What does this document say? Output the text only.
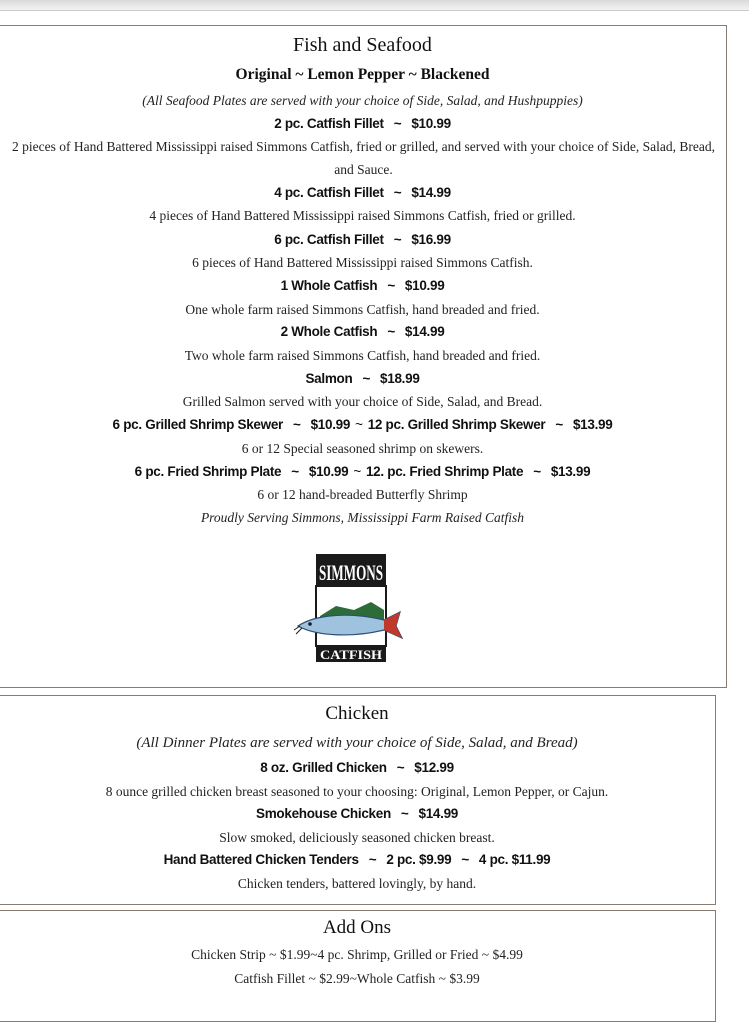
Fish and Seafood
Original ~ Lemon Pepper ~ Blackened
(All Seafood Plates are served with your choice of Side, Salad, and Hushpuppies)
2 pc. Catfish Fillet ~ $10.99
2 pieces of Hand Battered Mississippi raised Simmons Catfish, fried or grilled, and served with your choice of Side, Salad, Bread, and Sauce.
4 pc. Catfish Fillet ~ $14.99
4 pieces of Hand Battered Mississippi raised Simmons Catfish, fried or grilled.
6 pc. Catfish Fillet ~ $16.99
6 pieces of Hand Battered Mississippi raised Simmons Catfish.
1 Whole Catfish ~ $10.99
One whole farm raised Simmons Catfish, hand breaded and fried.
2 Whole Catfish ~ $14.99
Two whole farm raised Simmons Catfish, hand breaded and fried.
Salmon ~ $18.99
Grilled Salmon served with your choice of Side, Salad, and Bread.
6 pc. Grilled Shrimp Skewer ~ $10.99 ~ 12 pc. Grilled Shrimp Skewer ~ $13.99
6 or 12 Special seasoned shrimp on skewers.
6 pc. Fried Shrimp Plate ~ $10.99 ~ 12. pc. Fried Shrimp Plate ~ $13.99
6 or 12 hand-breaded Butterfly Shrimp
Proudly Serving Simmons, Mississippi Farm Raised Catfish
SIMMONS
CATFISH
Chicken
(All Dinner Plates are served with your choice of Side, Salad, and Bread)
8 oz. Grilled Chicken ~ $12.99
8 ounce grilled chicken breast seasoned to your choosing: Original, Lemon Pepper, or Cajun.
Smokehouse Chicken ~ $14.99
Slow smoked, deliciously seasoned chicken breast.
Hand Battered Chicken Tenders ~ 2 pc. $9.99 ~ 4 pc. $11.99
Chicken tenders, battered lovingly, by hand.
Add Ons
Chicken Strip ~ $1.99~4 pc. Shrimp, Grilled or Fried ~ $4.99
Catfish Fillet ~ $2.99~Whole Catfish ~ $3.99
